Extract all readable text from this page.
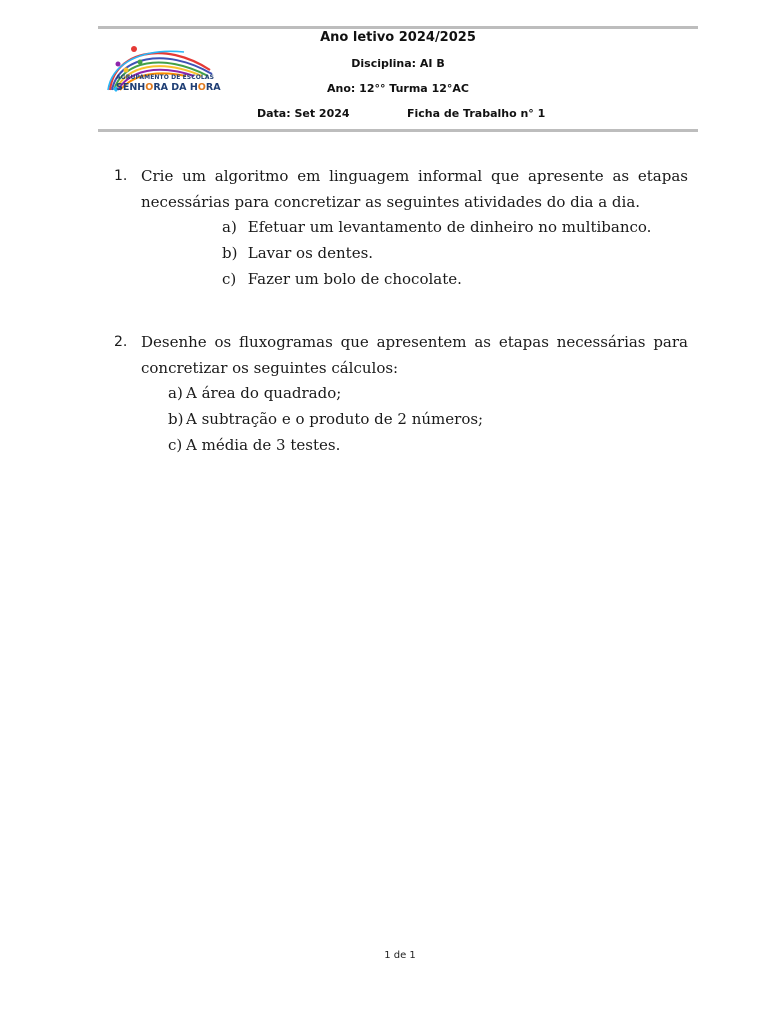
AGRUPAMENTO DE ESCOLAS
SENHORA DA HORA
Ano letivo 2024/2025
Disciplina: AI B
Ano: 12°° Turma 12°AC
Data: Set 2024	Ficha de Trabalho n° 1
1. Crie um algoritmo em linguagem informal que apresente as etapas necessárias para concretizar as seguintes atividades do dia a dia.
a) Efetuar um levantamento de dinheiro no multibanco.
b) Lavar os dentes.
c) Fazer um bolo de chocolate.
2. Desenhe os fluxogramas que apresentem as etapas necessárias para concretizar os seguintes cálculos:
a) A área do quadrado;
b) A subtração e o produto de 2 números;
c) A média de 3 testes.
1 de 1
